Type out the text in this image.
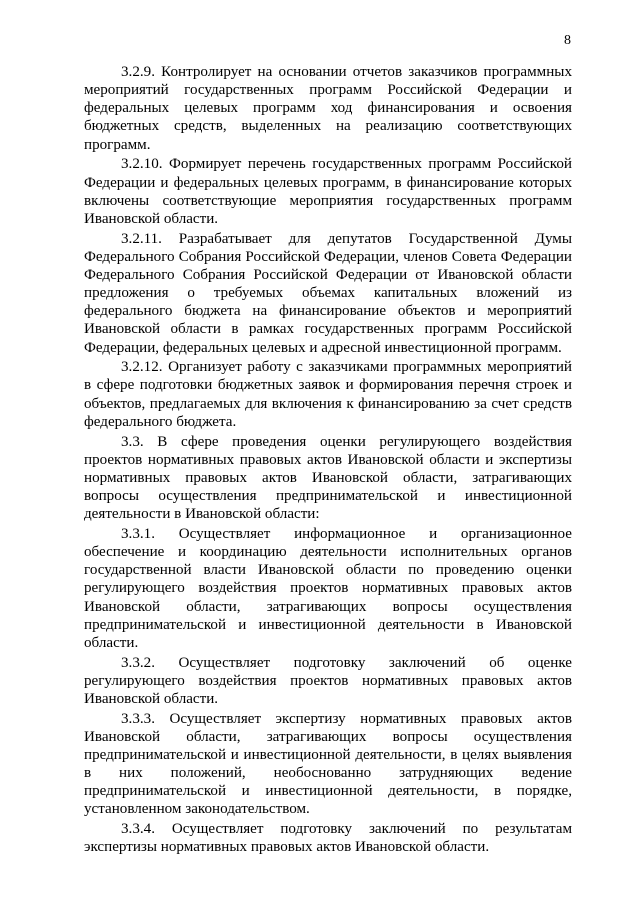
8

3.2.9. Контролирует на основании отчетов заказчиков программных мероприятий государственных программ Российской Федерации и федеральных целевых программ ход финансирования и освоения бюджетных средств, выделенных на реализацию соответствующих программ.

3.2.10. Формирует перечень государственных программ Российской Федерации и федеральных целевых программ, в финансирование которых включены соответствующие мероприятия государственных программ Ивановской области.

3.2.11. Разрабатывает для депутатов Государственной Думы Федерального Собрания Российской Федерации, членов Совета Федерации Федерального Собрания Российской Федерации от Ивановской области предложения о требуемых объемах капитальных вложений из федерального бюджета на финансирование объектов и мероприятий Ивановской области в рамках государственных программ Российской Федерации, федеральных целевых и адресной инвестиционной программ.

3.2.12. Организует работу с заказчиками программных мероприятий в сфере подготовки бюджетных заявок и формирования перечня строек и объектов, предлагаемых для включения к финансированию за счет средств федерального бюджета.

3.3. В сфере проведения оценки регулирующего воздействия проектов нормативных правовых актов Ивановской области и экспертизы нормативных правовых актов Ивановской области, затрагивающих вопросы осуществления предпринимательской и инвестиционной деятельности в Ивановской области:

3.3.1. Осуществляет информационное и организационное обеспечение и координацию деятельности исполнительных органов государственной власти Ивановской области по проведению оценки регулирующего воздействия проектов нормативных правовых актов Ивановской области, затрагивающих вопросы осуществления предпринимательской и инвестиционной деятельности в Ивановской области.

3.3.2. Осуществляет подготовку заключений об оценке регулирующего воздействия проектов нормативных правовых актов Ивановской области.

3.3.3. Осуществляет экспертизу нормативных правовых актов Ивановской области, затрагивающих вопросы осуществления предпринимательской и инвестиционной деятельности, в целях выявления в них положений, необоснованно затрудняющих ведение предпринимательской и инвестиционной деятельности, в порядке, установленном законодательством.

3.3.4. Осуществляет подготовку заключений по результатам экспертизы нормативных правовых актов Ивановской области.
